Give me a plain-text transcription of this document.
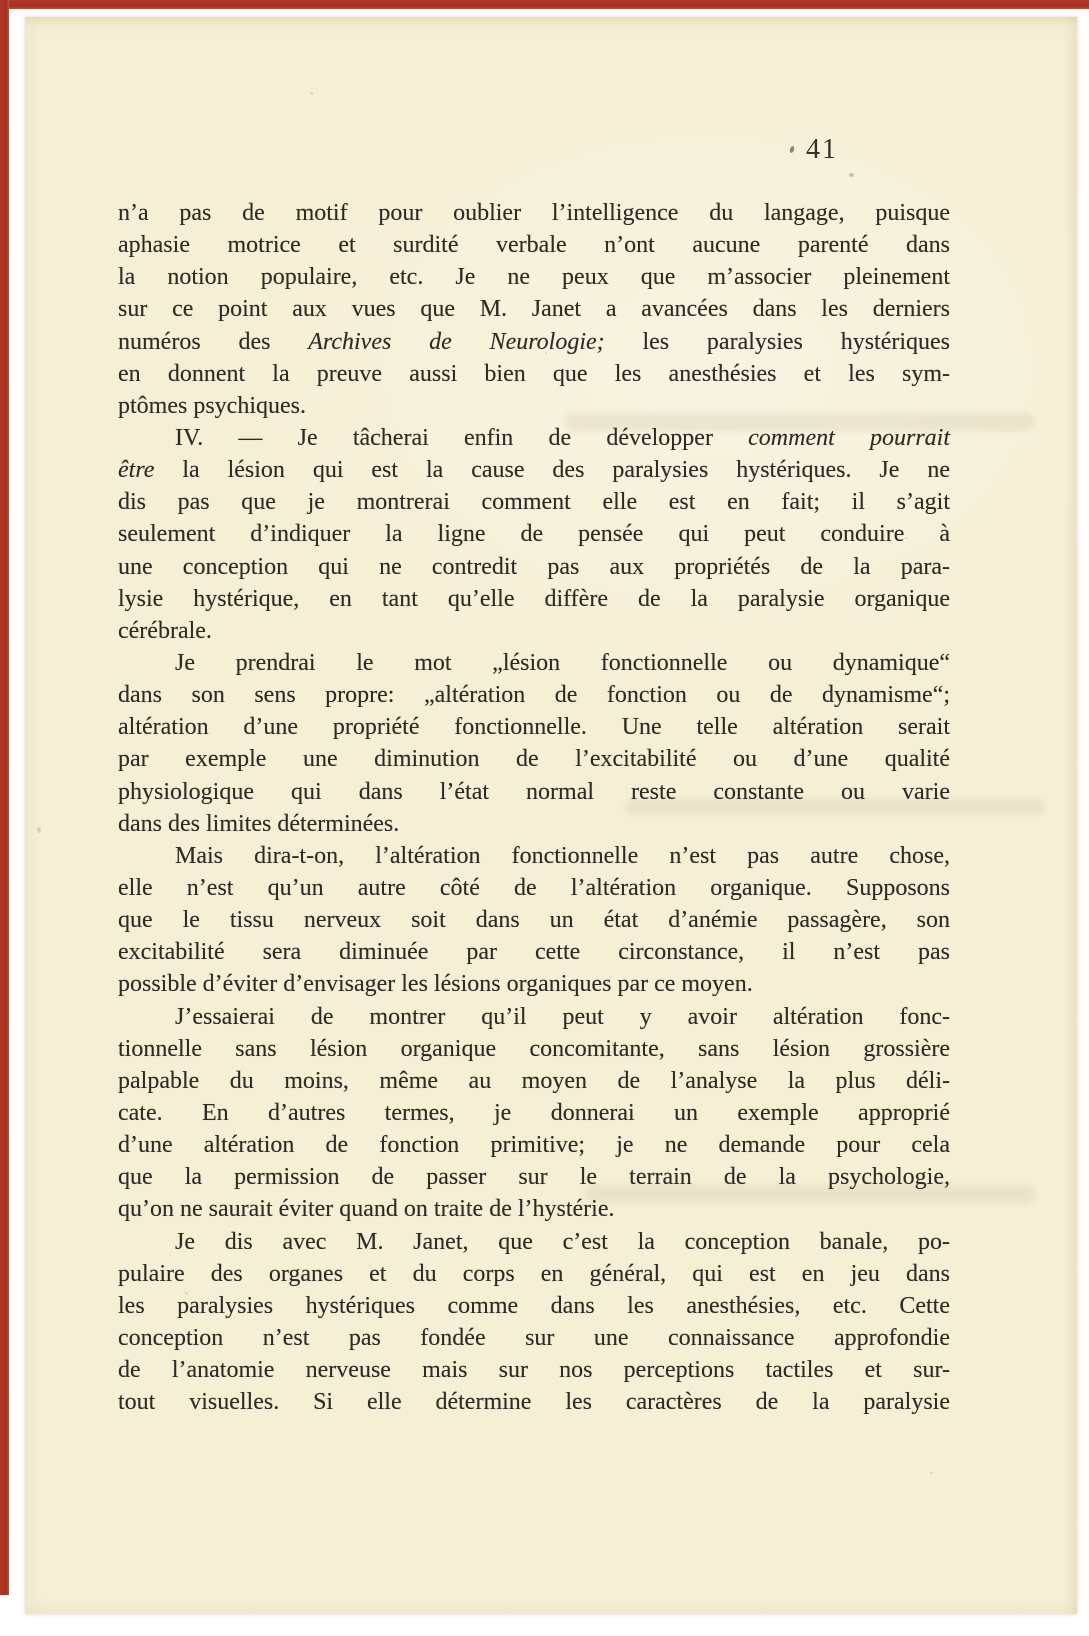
41
n’a pas de motif pour oublier l’intelligence du langage, puisque
aphasie motrice et surdité verbale n’ont aucune parenté dans
la notion populaire, etc. Je ne peux que m’associer pleinement
sur ce point aux vues que M. Janet a avancées dans les derniers
numéros des Archives de Neurologie; les paralysies hystériques
en donnent la preuve aussi bien que les anesthésies et les sym-
ptômes psychiques.
IV. — Je tâcherai enfin de développer comment pourrait
être la lésion qui est la cause des paralysies hystériques. Je ne
dis pas que je montrerai comment elle est en fait; il s’agit
seulement d’indiquer la ligne de pensée qui peut conduire à
une conception qui ne contredit pas aux propriétés de la para-
lysie hystérique, en tant qu’elle diffère de la paralysie organique
cérébrale.
Je prendrai le mot „lésion fonctionnelle ou dynamique“
dans son sens propre: „altération de fonction ou de dynamisme“;
altération d’une propriété fonctionnelle. Une telle altération serait
par exemple une diminution de l’excitabilité ou d’une qualité
physiologique qui dans l’état normal reste constante ou varie
dans des limites déterminées.
Mais dira-t-on, l’altération fonctionnelle n’est pas autre chose,
elle n’est qu’un autre côté de l’altération organique. Supposons
que le tissu nerveux soit dans un état d’anémie passagère, son
excitabilité sera diminuée par cette circonstance, il n’est pas
possible d’éviter d’envisager les lésions organiques par ce moyen.
J’essaierai de montrer qu’il peut y avoir altération fonc-
tionnelle sans lésion organique concomitante, sans lésion grossière
palpable du moins, même au moyen de l’analyse la plus déli-
cate. En d’autres termes, je donnerai un exemple approprié
d’une altération de fonction primitive; je ne demande pour cela
que la permission de passer sur le terrain de la psychologie,
qu’on ne saurait éviter quand on traite de l’hystérie.
Je dis avec M. Janet, que c’est la conception banale, po-
pulaire des organes et du corps en général, qui est en jeu dans
les paralysies hystériques comme dans les anesthésies, etc. Cette
conception n’est pas fondée sur une connaissance approfondie
de l’anatomie nerveuse mais sur nos perceptions tactiles et sur-
tout visuelles. Si elle détermine les caractères de la paralysie
